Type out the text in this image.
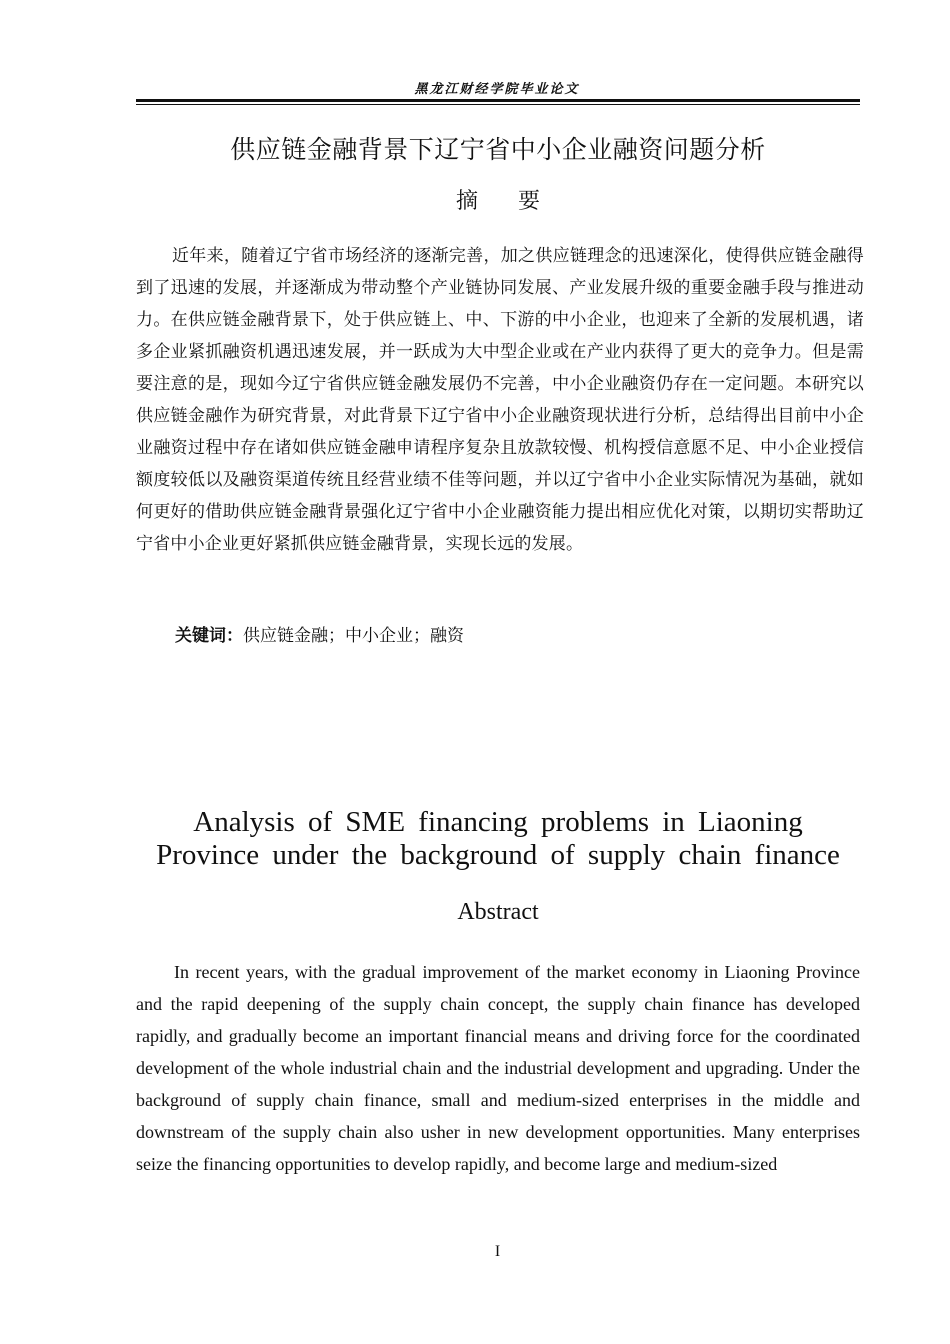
黑龙江财经学院毕业论文
供应链金融背景下辽宁省中小企业融资问题分析
摘 要
近年来，随着辽宁省市场经济的逐渐完善，加之供应链理念的迅速深化，使得供应链金融得到了迅速的发展，并逐渐成为带动整个产业链协同发展、产业发展升级的重要金融手段与推进动力。在供应链金融背景下，处于供应链上、中、下游的中小企业，也迎来了全新的发展机遇，诸多企业紧抓融资机遇迅速发展，并一跃成为大中型企业或在产业内获得了更大的竞争力。但是需要注意的是，现如今辽宁省供应链金融发展仍不完善，中小企业融资仍存在一定问题。本研究以供应链金融作为研究背景，对此背景下辽宁省中小企业融资现状进行分析，总结得出目前中小企业融资过程中存在诸如供应链金融申请程序复杂且放款较慢、机构授信意愿不足、中小企业授信额度较低以及融资渠道传统且经营业绩不佳等问题，并以辽宁省中小企业实际情况为基础，就如何更好的借助供应链金融背景强化辽宁省中小企业融资能力提出相应优化对策，以期切实帮助辽宁省中小企业更好紧抓供应链金融背景，实现长远的发展。
关键词：供应链金融；中小企业；融资
Analysis of SME financing problems in Liaoning
Province under the background of supply chain finance
Abstract
In recent years, with the gradual improvement of the market economy in Liaoning Province and the rapid deepening of the supply chain concept, the supply chain finance has developed rapidly, and gradually become an important financial means and driving force for the coordinated development of the whole industrial chain and the industrial development and upgrading. Under the background of supply chain finance, small and medium-sized enterprises in the middle and downstream of the supply chain also usher in new development opportunities. Many enterprises seize the financing opportunities to develop rapidly, and become large and medium-sized
I
